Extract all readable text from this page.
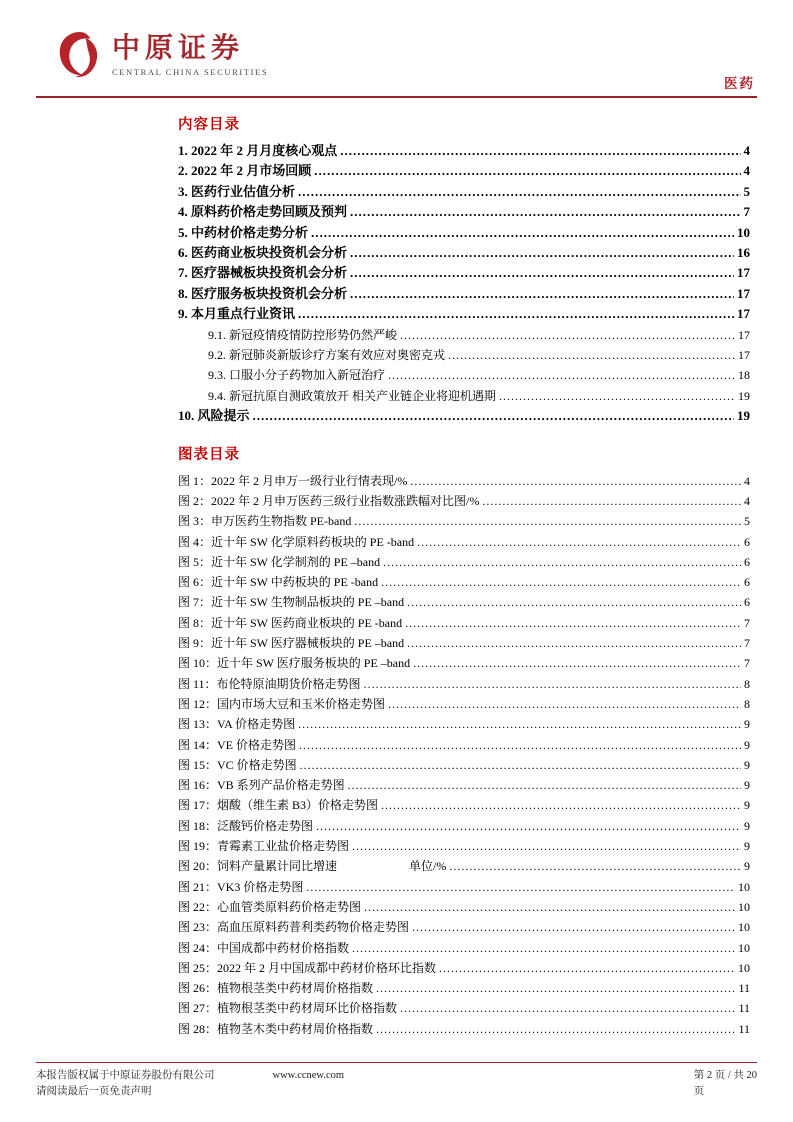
中原证券
CENTRAL CHINA SECURITIES
医药
内容目录
1. 2022 年 2 月月度核心观点 .....	4
2. 2022 年 2 月市场回顾 .....	4
3. 医药行业估值分析 .....	5
4. 原料药价格走势回顾及预判 .....	7
5. 中药材价格走势分析 .....	10
6. 医药商业板块投资机会分析 .....	16
7. 医疗器械板块投资机会分析 .....	17
8. 医疗服务板块投资机会分析 .....	17
9. 本月重点行业资讯 .....	17
9.1. 新冠疫情疫情防控形势仍然严峻 .....	17
9.2. 新冠肺炎新版诊疗方案有效应对奥密克戎 .....	17
9.3. 口服小分子药物加入新冠治疗 .....	18
9.4. 新冠抗原自测政策放开 相关产业链企业将迎机遇期 .....	19
10. 风险提示 .....	19
图表目录
图 1：2022 年 2 月申万一级行业行情表现/% .....	4
图 2：2022 年 2 月申万医药三级行业指数涨跌幅对比图/% .....	4
图 3：申万医药生物指数 PE-band .....	5
图 4：近十年 SW 化学原料药板块的 PE -band .....	6
图 5：近十年 SW 化学制剂的 PE –band .....	6
图 6：近十年 SW 中药板块的 PE -band .....	6
图 7：近十年 SW 生物制品板块的 PE –band .....	6
图 8：近十年 SW 医药商业板块的 PE -band .....	7
图 9：近十年 SW 医疗器械板块的 PE –band .....	7
图 10：近十年 SW 医疗服务板块的 PE –band .....	7
图 11：布伦特原油期货价格走势图 .....	8
图 12：国内市场大豆和玉米价格走势图 .....	8
图 13：VA 价格走势图 .....	9
图 14：VE 价格走势图 .....	9
图 15：VC 价格走势图 .....	9
图 16：VB 系列产品价格走势图 .....	9
图 17：烟酸（维生素 B3）价格走势图 .....	9
图 18：泛酸钙价格走势图 .....	9
图 19：青霉素工业盐价格走势图 .....	9
图 20：饲料产量累计同比增速　　　　　　单位/% .....	9
图 21：VK3 价格走势图 .....	10
图 22：心血管类原料药价格走势图 .....	10
图 23：高血压原料药普利类药物价格走势图 .....	10
图 24：中国成都中药材价格指数 .....	10
图 25：2022 年 2 月中国成都中药材价格环比指数 .....	10
图 26：植物根茎类中药材周价格指数 .....	11
图 27：植物根茎类中药材周环比价格指数 .....	11
图 28：植物茎木类中药材周价格指数 .....	11
本报告版权属于中原证券股份有限公司	www.ccnew.com
请阅读最后一页免责声明
第 2 页 / 共 20
页
